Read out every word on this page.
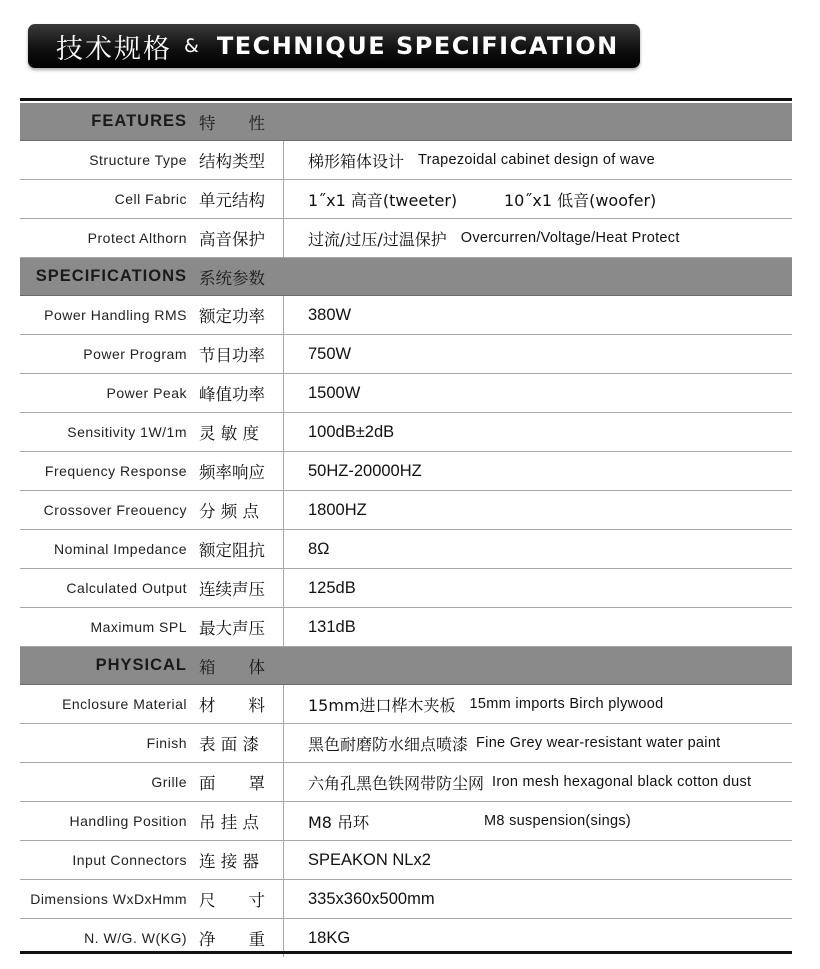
技术规格 & TECHNIQUE SPECIFICATION
FEATURES 特　　性
Structure Type 结构类型	梯形箱体设计 Trapezoidal cabinet design of wave
Cell Fabric 单元结构	1˝x1 高音(tweeter)	10˝x1 低音(woofer)
Protect Althorn 高音保护	过流/过压/过温保护 Overcurren/Voltage/Heat Protect
SPECIFICATIONS 系统参数
Power Handling RMS 额定功率	380W
Power Program 节目功率	750W
Power Peak 峰值功率	1500W
Sensitivity 1W/1m 灵 敏 度	100dB±2dB
Frequency Response 频率响应	50HZ-20000HZ
Crossover Freouency 分 频 点	1800HZ
Nominal Impedance 额定阻抗	8Ω
Calculated Output 连续声压	125dB
Maximum SPL 最大声压	131dB
PHYSICAL 箱　　体
Enclosure Material 材　　料	15mm进口桦木夹板 15mm imports Birch plywood
Finish 表 面 漆	黑色耐磨防水细点喷漆 Fine Grey wear-resistant water paint
Grille 面　　罩	六角孔黑色铁网带防尘网 Iron mesh hexagonal black cotton dust
Handling Position 吊 挂 点	M8 吊环	M8 suspension(sings)
Input Connectors 连 接 器	SPEAKON NLx2
Dimensions WxDxHmm 尺　　寸	335x360x500mm
N. W/G. W(KG) 净　　重	18KG
